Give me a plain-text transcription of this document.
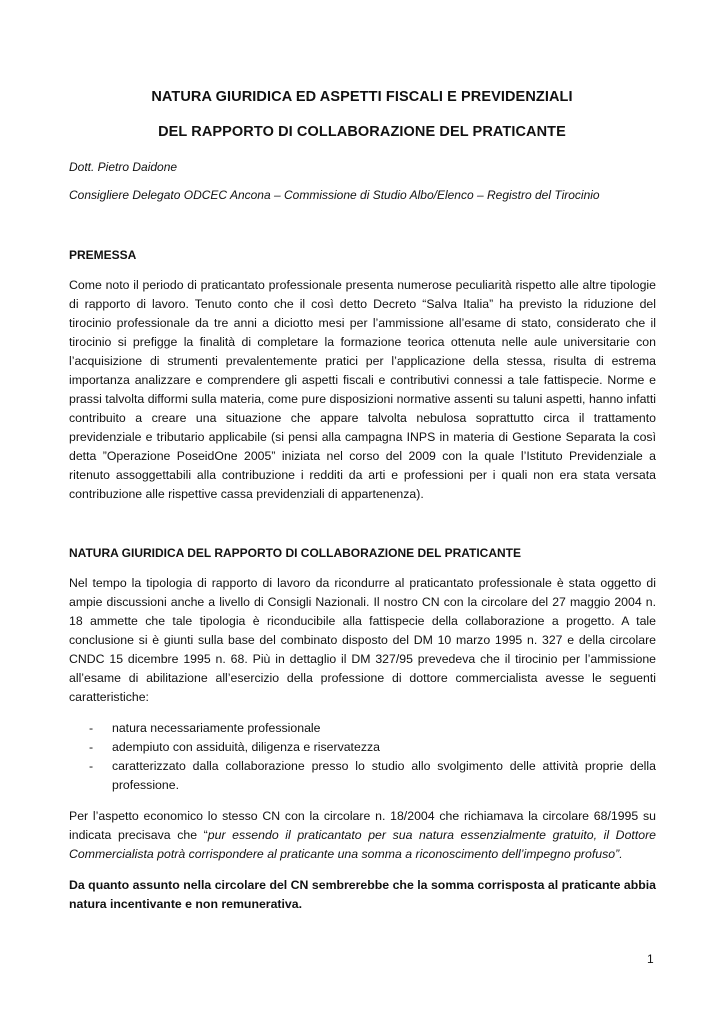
NATURA GIURIDICA ED ASPETTI FISCALI E PREVIDENZIALI
DEL RAPPORTO DI COLLABORAZIONE DEL PRATICANTE
Dott. Pietro Daidone
Consigliere Delegato ODCEC Ancona – Commissione di Studio Albo/Elenco – Registro del Tirocinio
PREMESSA

Come noto il periodo di praticantato professionale presenta numerose peculiarità rispetto alle altre tipologie di rapporto di lavoro. Tenuto conto che il così detto Decreto “Salva Italia” ha previsto la riduzione del tirocinio professionale da tre anni a diciotto mesi per l’ammissione all’esame di stato, considerato che il tirocinio si prefigge la finalità di completare la formazione teorica ottenuta nelle aule universitarie con l’acquisizione di strumenti prevalentemente pratici per l’applicazione della stessa, risulta di estrema importanza analizzare e comprendere gli aspetti fiscali e contributivi connessi a tale fattispecie. Norme e prassi talvolta difformi sulla materia, come pure disposizioni normative assenti su taluni aspetti, hanno infatti contribuito a creare una situazione che appare talvolta nebulosa soprattutto circa il trattamento previdenziale e tributario applicabile (si pensi alla campagna INPS in materia di Gestione Separata la così detta ”Operazione PoseidOne 2005” iniziata nel corso del 2009 con la quale l’Istituto Previdenziale a ritenuto assoggettabili alla contribuzione i redditi da arti e professioni per i quali non era stata versata contribuzione alle rispettive cassa previdenziali di appartenenza).

NATURA GIURIDICA DEL RAPPORTO DI COLLABORAZIONE DEL PRATICANTE

Nel tempo la tipologia di rapporto di lavoro da ricondurre al praticantato professionale è stata oggetto di ampie discussioni anche a livello di Consigli Nazionali. Il nostro CN con la circolare del 27 maggio 2004 n. 18 ammette che tale tipologia è riconducibile alla fattispecie della collaborazione a progetto. A tale conclusione si è giunti sulla base del combinato disposto del DM 10 marzo 1995 n. 327 e della circolare CNDC 15 dicembre 1995 n. 68. Più in dettaglio il DM 327/95 prevedeva che il tirocinio per l’ammissione all’esame di abilitazione all’esercizio della professione di dottore commercialista avesse le seguenti caratteristiche:

- natura necessariamente professionale
- adempiuto con assiduità, diligenza e riservatezza
- caratterizzato dalla collaborazione presso lo studio allo svolgimento delle attività proprie della professione.

Per l’aspetto economico lo stesso CN con la circolare n. 18/2004 che richiamava la circolare 68/1995 su indicata precisava che “pur essendo il praticantato per sua natura essenzialmente gratuito, il Dottore Commercialista potrà corrispondere al praticante una somma a riconoscimento dell’impegno profuso”.

Da quanto assunto nella circolare del CN sembrerebbe che la somma corrisposta al praticante abbia natura incentivante e non remunerativa.

1
